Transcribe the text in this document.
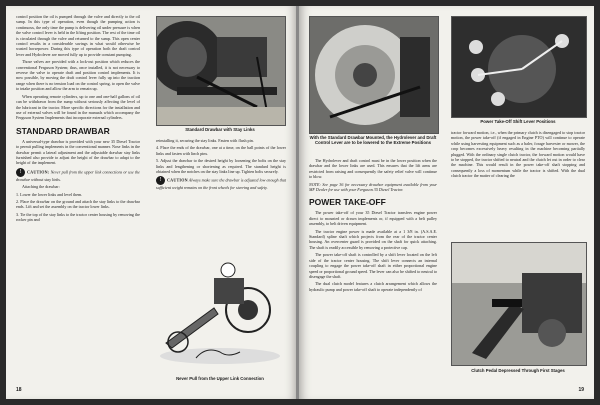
control position the oil is pumped through the valve and directly to the oil sump. In this type of operation, even though the pumping action is continuous, the only time the pump is delivering oil under pressure is when the valve control lever is held in the lifting position. The rest of the time oil is circulated through the valve and returned to the sump. This open center control results in a considerable savings in what would otherwise be wasted horsepower. During this type of operation both the draft control lever and Hydrolever are moved fully up to provide constant pumping.

Those valves are provided with a lock-out position which reduces the conventional Ferguson System; thus, once installed, it is not necessary to reverse the valve to operate draft and position control implements. It is now possible, by moving the draft control lever fully up into the traction range when there is no tension load on the control spring, to open the valve to intake position and allow the arm to remain up.

When operating remote cylinders, up to one and one-half gallons of oil can be withdrawn from the sump without seriously affecting the level of the lubricant in the tractor. More specific directions for the installation and use of external valves will be found in the manuals which accompany the Ferguson System Implements that incorporate external cylinders.

STANDARD DRAWBAR

A universal-type drawbar is provided with your new 35 Diesel Tractor to permit pulling implements in the conventional manner. Nose links in the drawbar permit a lateral adjustment and the adjustable drawbar stay links furnished also provide to adjust the height of the drawbar to adapt to the height of the implement.

! CAUTION: Never pull from the upper link connections or use the drawbar without stay links.

Attaching the drawbar:

1. Lower the lower links and level them.

2. Place the drawbar on the ground and attach the stay links to the drawbar ends. Lift and set the assembly on the tractor lower links.

3. Tie the top of the stay links to the tractor center housing by removing the rocker pin and

Standard Drawbar with Stay Links

reinstalling it, securing the stay links. Fasten with flush pin.

4. Place the ends of the drawbar, one at a time, on the ball points of the lower links and fasten with linch pins.

5. Adjust the drawbar to the desired height by loosening the bolts on the stay links and lengthening or shortening as required. The standard height is obtained when the notches on the stay links line up. Tighten bolts securely.

! CAUTION Always make sure the drawbar is adjusted low enough that sufficient weight remains on the front wheels for steering and safety.

Never Pull from the Upper Link Connection
18
With the Standard Drawbar Mounted, the Hydrolever and Draft Control Lever are to be lowered to the Extreme Positions

The Hydrolever and draft control must be in the lower position when the drawbar and the lower links are used. This ensures that the lift arms are restricted from raising and consequently the safety relief valve will continue to blow.

NOTE: See page 36 for necessary drawbar equipment available from your MF Dealer for use with your Ferguson 35 Diesel Tractor.

POWER TAKE-OFF

The power take-off of your 35 Diesel Tractor transfers engine power direct to mounted or drawn implements or, if equipped with a belt pulley assembly, to belt driven equipment.

The tractor engine power is made available at a 1 3/8 in. (A.S.A.E. Standard) spline shaft which projects from the rear of the tractor center housing. An overcenter guard is provided on the shaft for quick attaching. The shaft is readily accessible by removing a protective cap.

The power take-off shaft is controlled by a shift lever located on the left side of the tractor center housing. The shift lever connects an internal coupling to engage the power take-off shaft in either proportional engine speed or proportional ground speed. The lever can also be shifted to neutral to disengage the shaft.

The dual clutch model features a clutch arrangement which allows the hydraulic pump and power take-off shaft to operate independently of

Power Take-Off Shift Lever Positions

tractor forward motion, i.e., when the primary clutch is disengaged to stop tractor motion, the power take-off (if engaged in Engine PTO) will continue to operate while using harvesting equipment such as a baler, forage harvester or mower, the crop becomes excessively heavy resulting in the machine becoming partially plugged. With the ordinary single clutch tractor, the forward motion would have to be stopped, the tractor shifted to neutral and the clutch let out in order to clear the machine. This would result in the power take-off shaft stopping and consequently a loss of momentum while the tractor is shifted. With the dual clutch tractor the matter of clearing the

Clutch Pedal Depressed Through First Stages
19
